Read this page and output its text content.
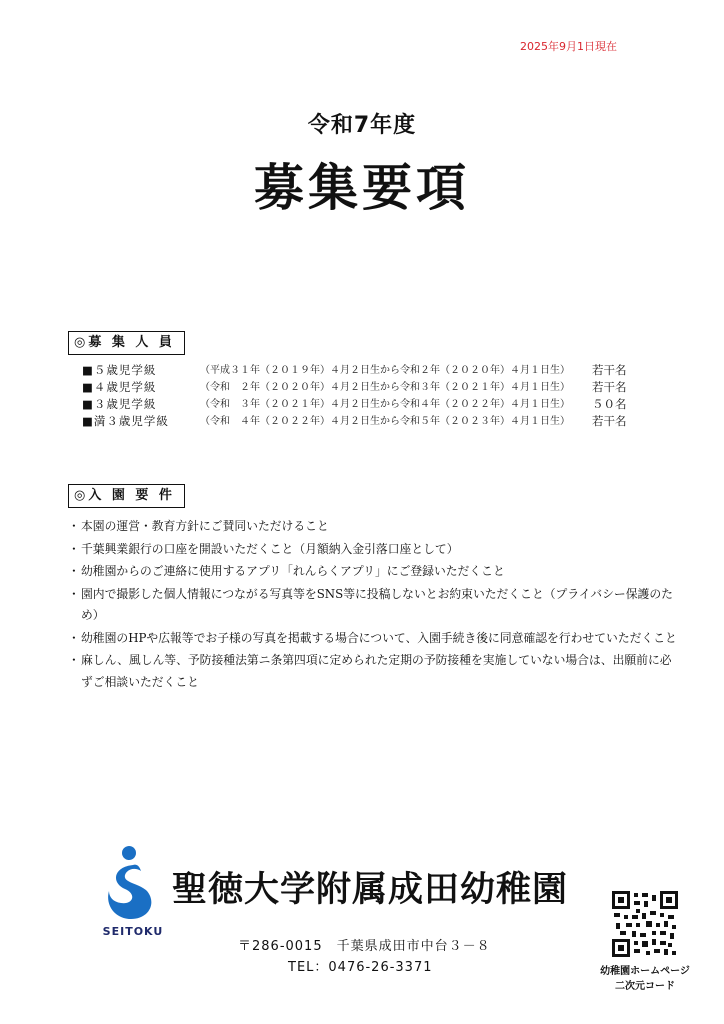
2025年9月1日現在
令和7年度
募集要項
◎募 集 人 員
■５歳児学級	（平成３１年（２０１９年）４月２日生から令和２年（２０２０年）４月１日生）	若干名
■４歳児学級	（令和　２年（２０２０年）４月２日生から令和３年（２０２１年）４月１日生）	若干名
■３歳児学級	（令和　３年（２０２１年）４月２日生から令和４年（２０２２年）４月１日生）	５０名
■満３歳児学級	（令和　４年（２０２２年）４月２日生から令和５年（２０２３年）４月１日生）	若干名
◎入 園 要 件
・ 本園の運営・教育方針にご賛同いただけること
・ 千葉興業銀行の口座を開設いただくこと（月額納入金引落口座として）
・ 幼稚園からのご連絡に使用するアプリ「れんらくアプリ」にご登録いただくこと
・ 園内で撮影した個人情報につながる写真等をSNS等に投稿しないとお約束いただくこと（プライバシー保護のため）
・ 幼稚園のHPや広報等でお子様の写真を掲載する場合について、入園手続き後に同意確認を行わせていただくこと
・ 麻しん、風しん等、予防接種法第ニ条第四項に定められた定期の予防接種を実施していない場合は、出願前に必ずご相談いただくこと
SEITOKU
聖徳大学附属成田幼稚園
〒286-0015　千葉県成田市中台３－８
TEL：0476-26-3371	幼稚園ホームページ
二次元コード
